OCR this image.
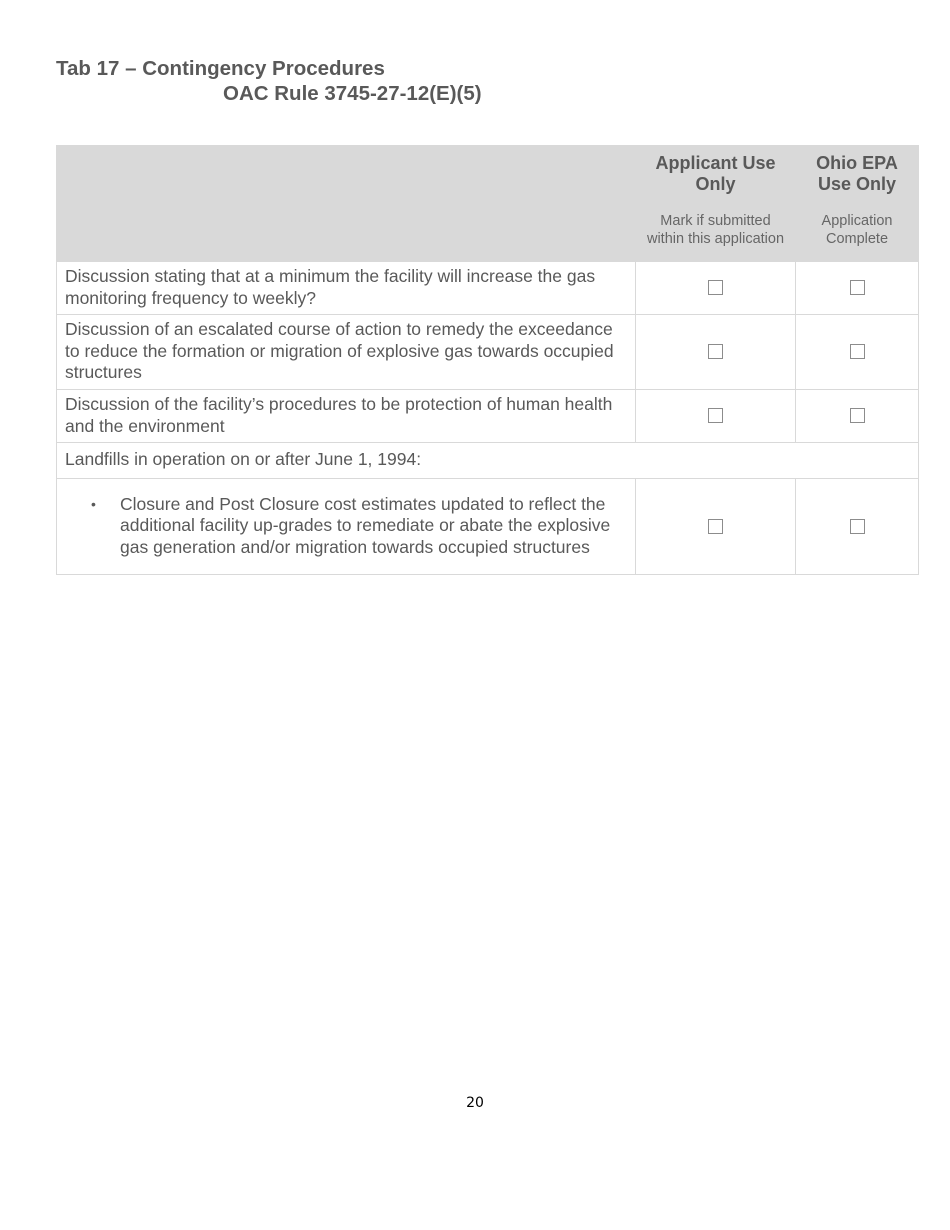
Tab 17 – Contingency Procedures
OAC Rule 3745-27-12(E)(5)
	Applicant Use Only	Ohio EPA Use Only
	Mark if submitted within this application	Application Complete
Discussion stating that at a minimum the facility will increase the gas monitoring frequency to weekly?		
Discussion of an escalated course of action to remedy the exceedance to reduce the formation or migration of explosive gas towards occupied structures		
Discussion of the facility’s procedures to be protection of human health and the environment		
Landfills in operation on or after June 1, 1994:		

• Closure and Post Closure cost estimates updated to reflect the additional facility up-grades to remediate or abate the explosive gas generation and/or migration towards occupied structures		

20
